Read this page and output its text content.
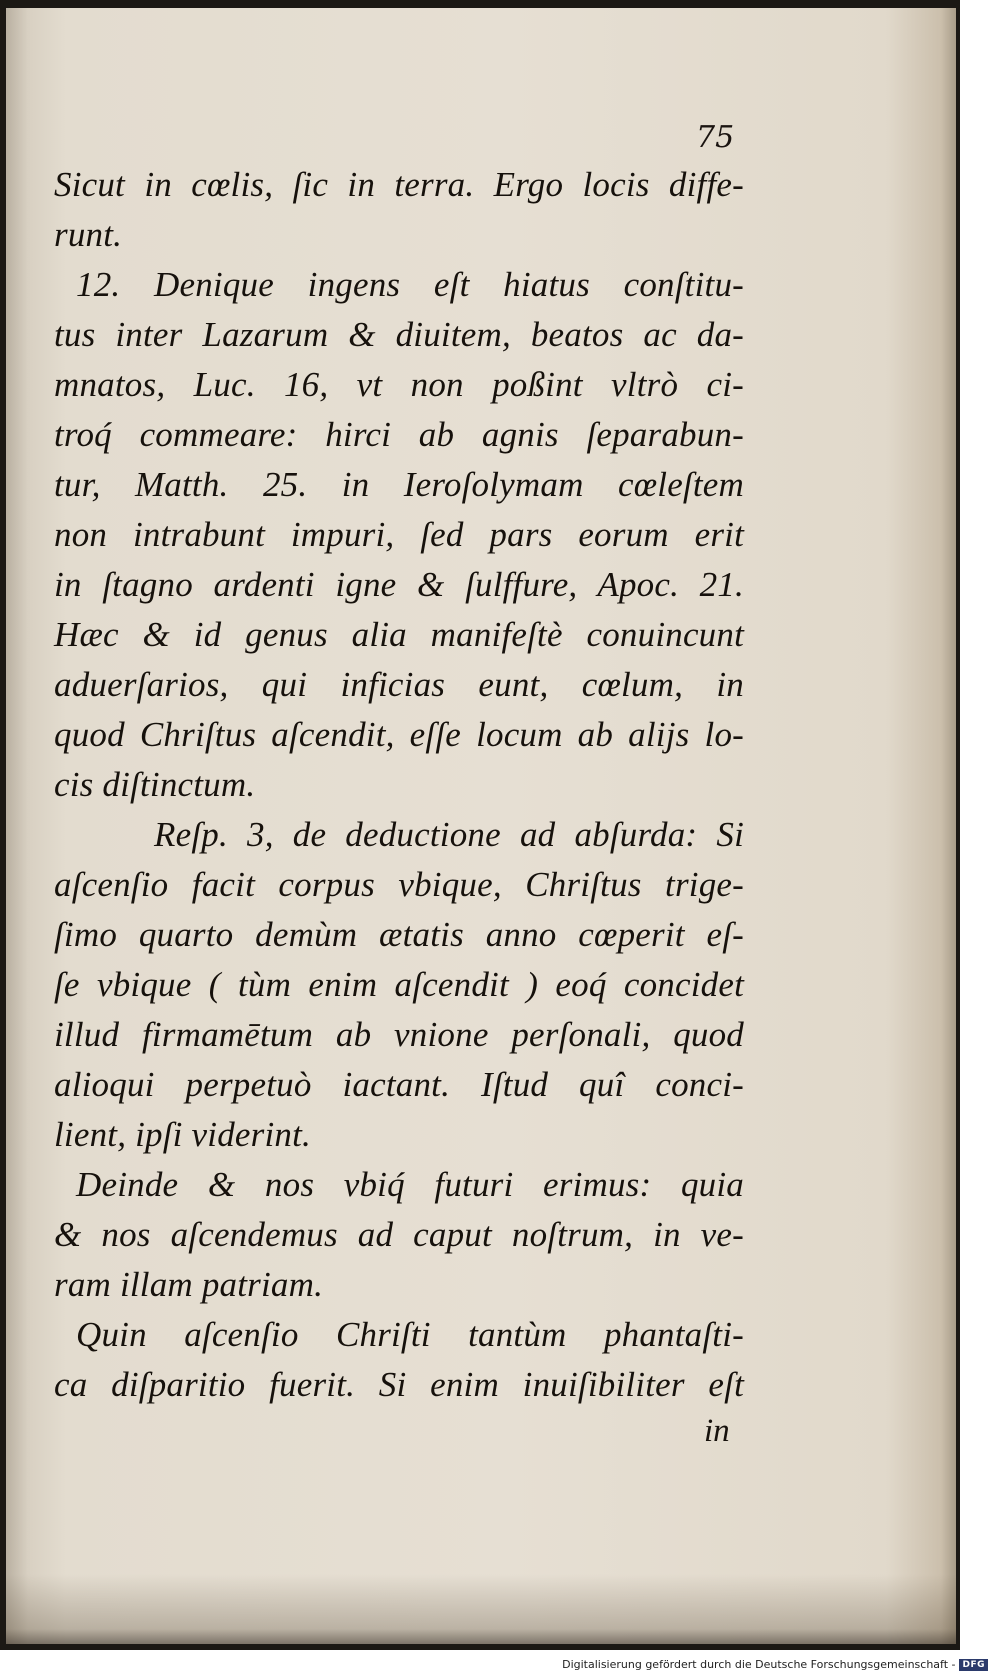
75
Sicut in cœlis, ſic in terra. Ergo locis diffe-
runt.
12. Denique ingens eſt hiatus conſtitu-
tus inter Lazarum & diuitem, beatos ac da-
mnatos, Luc. 16, vt non poßint vltrò ci-
troq́ commeare: hirci ab agnis ſeparabun-
tur, Matth. 25. in Ieroſolymam cœleſtem
non intrabunt impuri, ſed pars eorum erit
in ſtagno ardenti igne & ſulffure, Apoc. 21.
Hæc & id genus alia manifeſtè conuincunt
aduerſarios, qui inficias eunt, cœlum, in
quod Chriſtus aſcendit, eſſe locum ab alijs lo-
cis diſtinctum.
Reſp. 3, de deductione ad abſurda: Si
aſcenſio facit corpus vbique, Chriſtus trige-
ſimo quarto demùm ætatis anno cœperit eſ-
ſe vbique ( tùm enim aſcendit ) eoq́ concidet
illud firmamētum ab vnione perſonali, quod
alioqui perpetuò iactant. Iſtud quî conci-
lient, ipſi viderint.
Deinde & nos vbiq́ futuri erimus: quia
& nos aſcendemus ad caput noſtrum, in ve-
ram illam patriam.
Quin aſcenſio Chriſti tantùm phantaſti-
ca diſparitio fuerit. Si enim inuiſibiliter eſt
in
Digitalisierung gefördert durch die Deutsche Forschungsgemeinschaft - DFG
